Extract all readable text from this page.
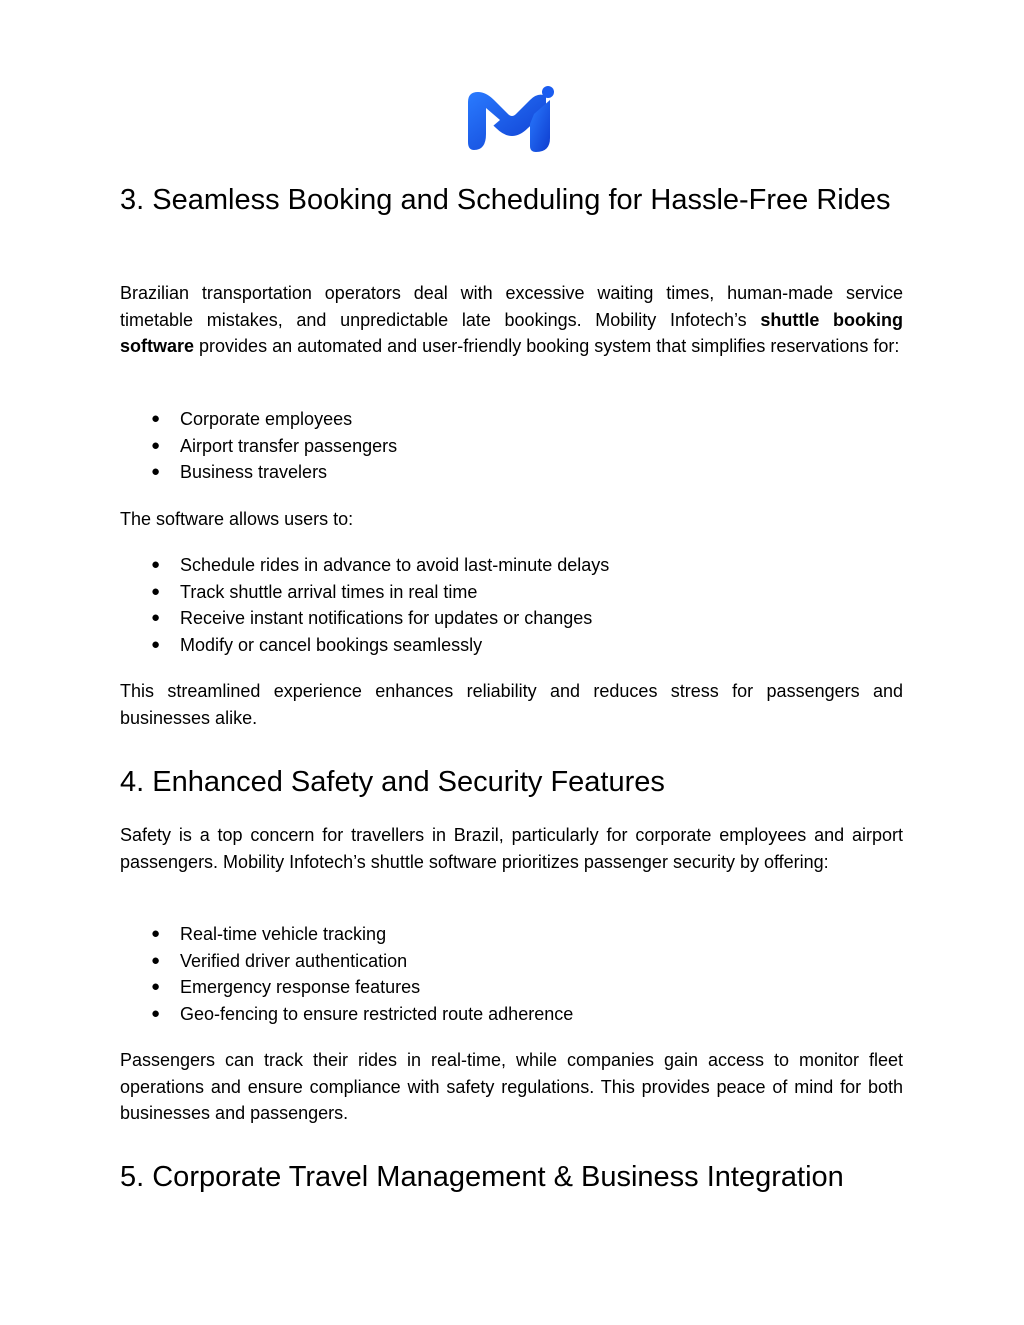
3. Seamless Booking and Scheduling for Hassle-Free Rides

Brazilian transportation operators deal with excessive waiting times, human-made service timetable mistakes, and unpredictable late bookings. Mobility Infotech’s shuttle booking software provides an automated and user-friendly booking system that simplifies reservations for:

● Corporate employees
● Airport transfer passengers
● Business travelers

The software allows users to:

● Schedule rides in advance to avoid last-minute delays
● Track shuttle arrival times in real time
● Receive instant notifications for updates or changes
● Modify or cancel bookings seamlessly

This streamlined experience enhances reliability and reduces stress for passengers and businesses alike.

4. Enhanced Safety and Security Features

Safety is a top concern for travellers in Brazil, particularly for corporate employees and airport passengers. Mobility Infotech’s shuttle software prioritizes passenger security by offering:

● Real-time vehicle tracking
● Verified driver authentication
● Emergency response features
● Geo-fencing to ensure restricted route adherence

Passengers can track their rides in real-time, while companies gain access to monitor fleet operations and ensure compliance with safety regulations. This provides peace of mind for both businesses and passengers.

5. Corporate Travel Management & Business Integration
